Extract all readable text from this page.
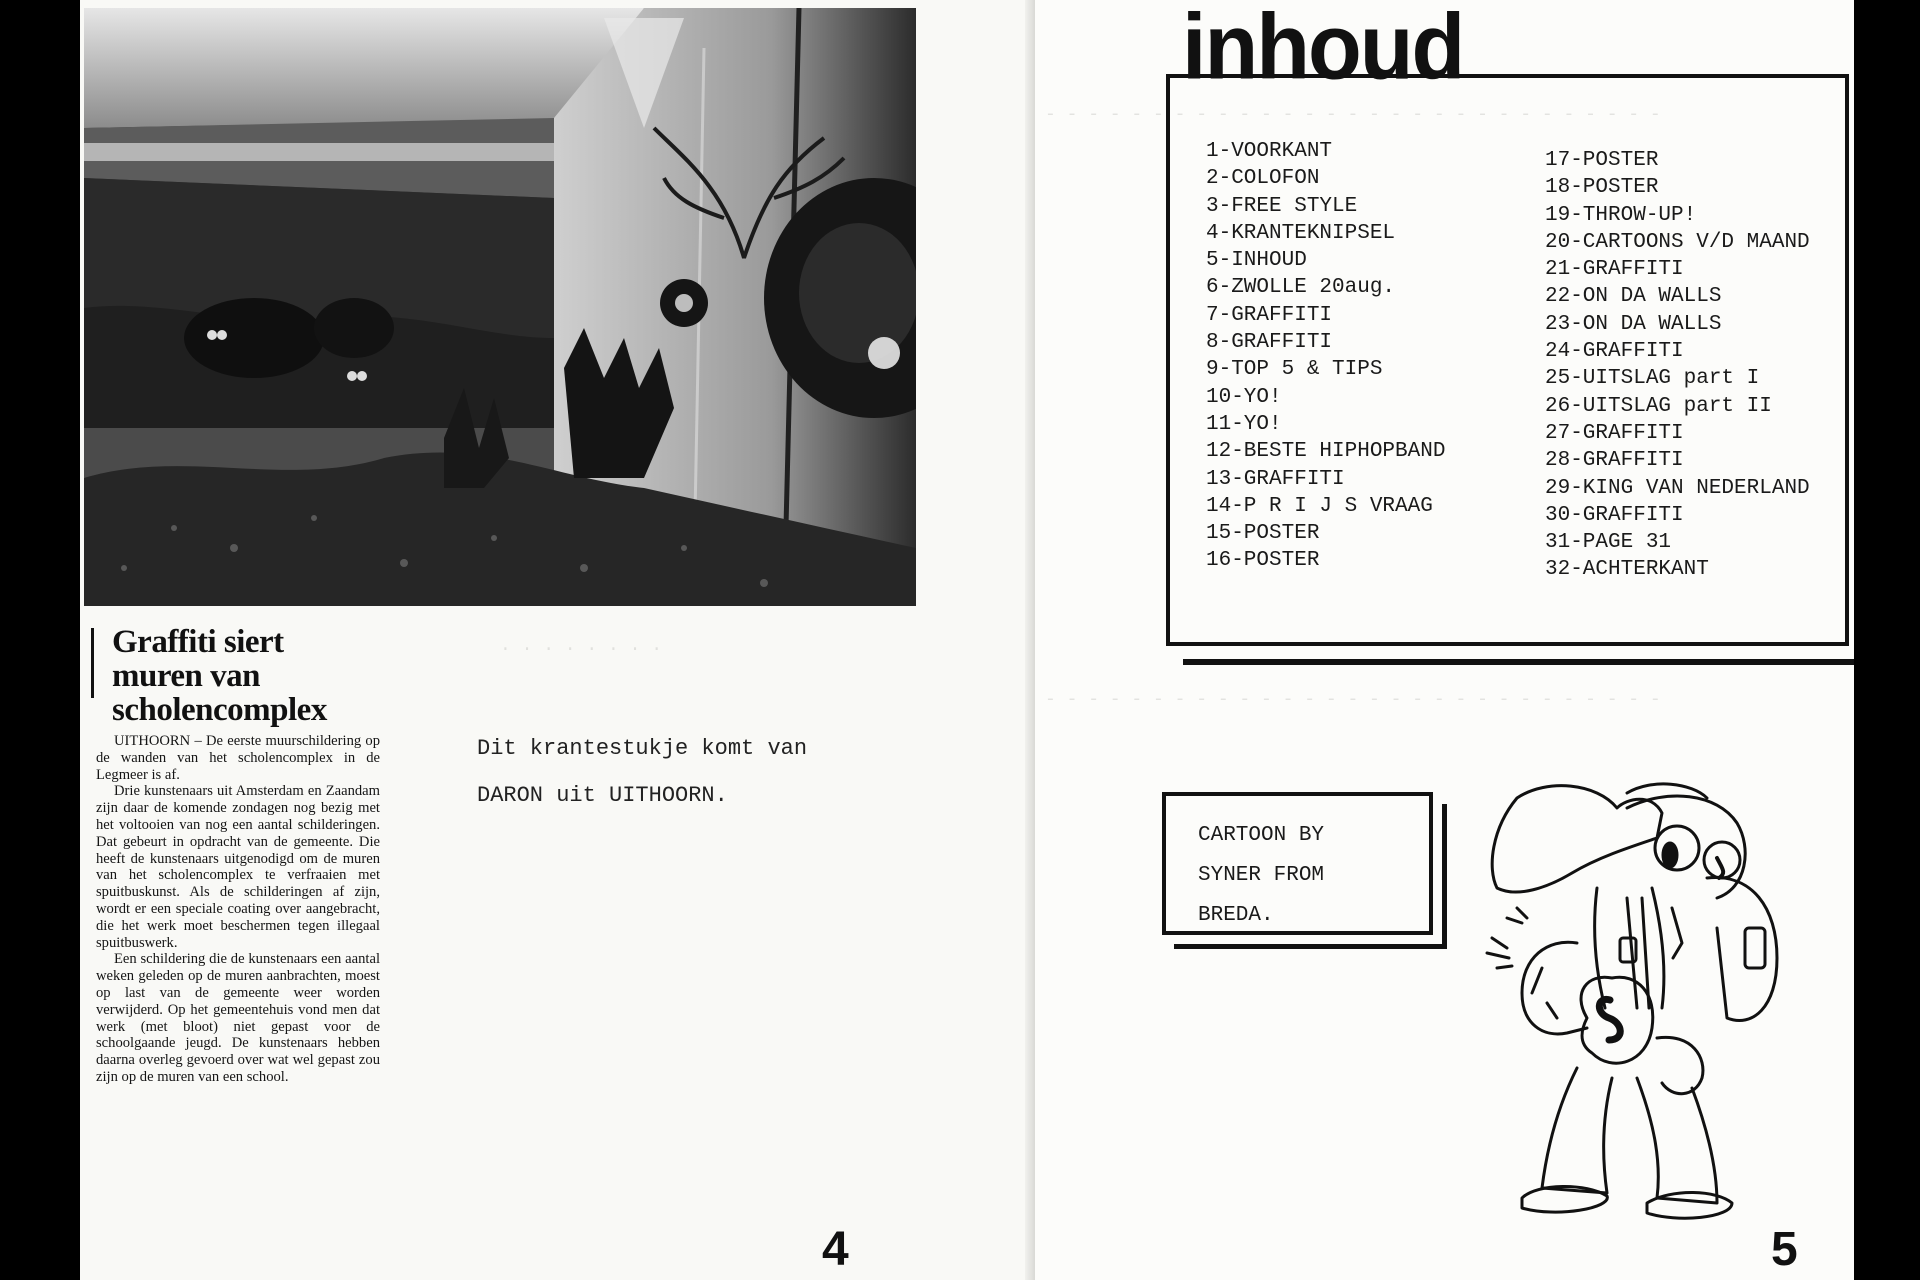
· · · · · · · ·
Graffiti siert muren van scholencomplex

UITHOORN – De eerste muurschildering op de wanden van het scholencomplex in de Legmeer is af.

Drie kunstenaars uit Amsterdam en Zaandam zijn daar de komende zondagen nog bezig met het voltooien van nog een aantal schilderingen. Dat gebeurt in opdracht van de gemeente. Die heeft de kunstenaars uitgenodigd om de muren van het scholencomplex te verfraaien met spuitbuskunst. Als de schilderingen af zijn, wordt er een speciale coating over aangebracht, die het werk moet beschermen tegen illegaal spuitbuswerk.

Een schildering die de kunstenaars een aantal weken geleden op de muren aanbrachten, moest op last van de gemeente weer worden verwijderd. Op het gemeentehuis vond men dat werk (met bloot) niet gepast voor de schoolgaande jeugd. De kunstenaars hebben daarna overleg gevoerd over wat wel gepast zou zijn op de muren van een school.

Dit krantestukje komt van
DARON uit UITHOORN.
4
- - - - - - - - - - - - - - - - - - - - - - - - - - - - -
- - - - - - - - - - - - - - - - - - - - - - - - - - - - -
inhoud
1-VOORKANT
2-COLOFON
3-FREE STYLE
4-KRANTEKNIPSEL
5-INHOUD
6-ZWOLLE 20aug.
7-GRAFFITI
8-GRAFFITI
9-TOP 5 & TIPS
10-YO!
11-YO!
12-BESTE HIPHOPBAND
13-GRAFFITI
14-P R I J S VRAAG
15-POSTER
16-POSTER
17-POSTER
18-POSTER
19-THROW-UP!
20-CARTOONS V/D MAAND
21-GRAFFITI
22-ON DA WALLS
23-ON DA WALLS
24-GRAFFITI
25-UITSLAG part I
26-UITSLAG part II
27-GRAFFITI
28-GRAFFITI
29-KING VAN NEDERLAND
30-GRAFFITI
31-PAGE 31
32-ACHTERKANT
CARTOON BY
SYNER FROM
BREDA.
5
